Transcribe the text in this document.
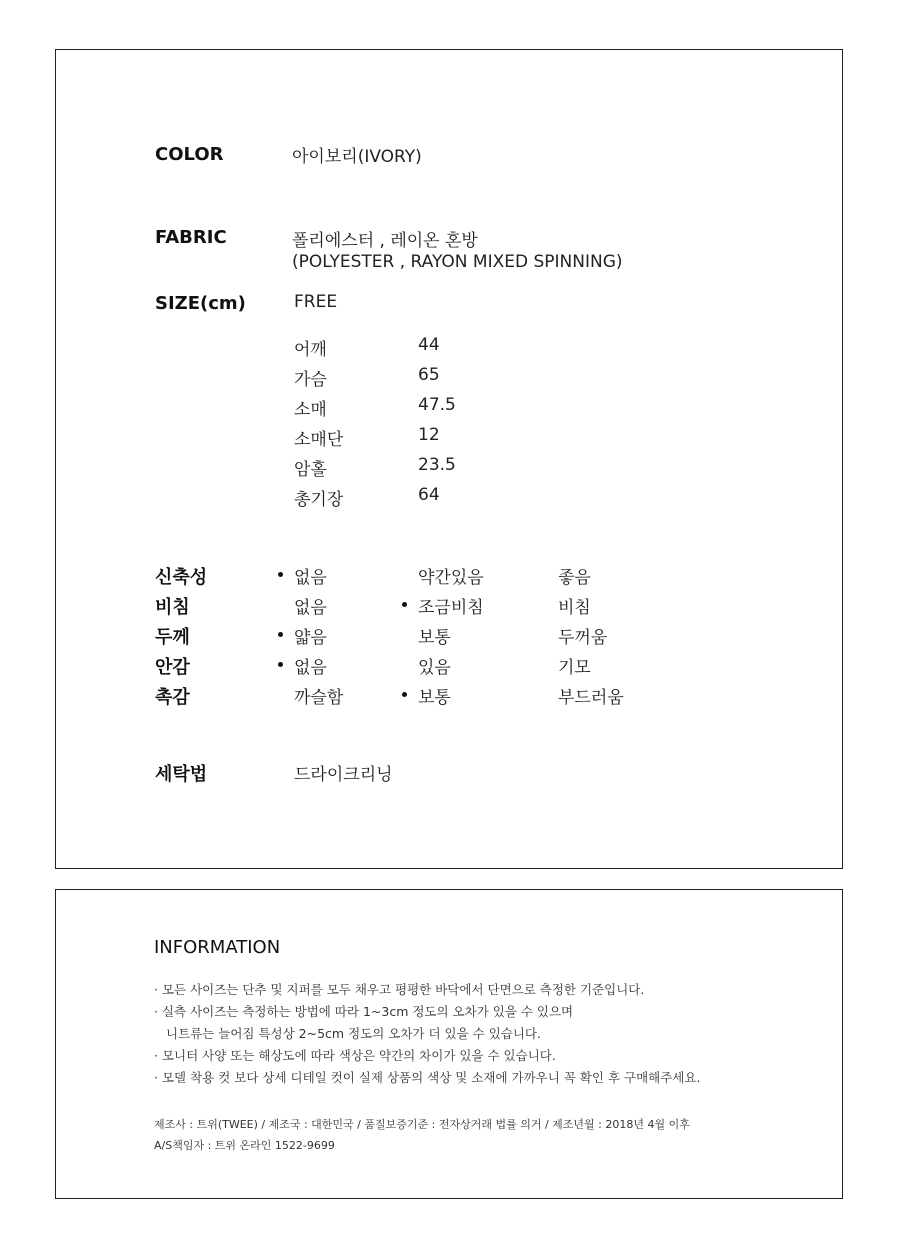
COLOR	아이보리(IVORY)
FABRIC	폴리에스터 , 레이온 혼방
(POLYESTER , RAYON MIXED SPINNING)
SIZE(cm)	FREE
어깨	44
가슴	65
소매	47.5
소매단	12
암홀	23.5
총기장	64
신축성	없음	약간있음	좋음
비침	없음	조금비침	비침
두께	얇음	보통	두꺼움
안감	없음	있음	기모
촉감	까슬함	보통	부드러움
세탁법	드라이크리닝
INFORMATION
· 모든 사이즈는 단추 및 지퍼를 모두 채우고 평평한 바닥에서 단면으로 측정한 기준입니다.
· 실측 사이즈는 측정하는 방법에 따라 1~3cm 정도의 오차가 있을 수 있으며
니트류는 늘어짐 특성상 2~5cm 정도의 오차가 더 있을 수 있습니다.
· 모니터 사양 또는 해상도에 따라 색상은 약간의 차이가 있을 수 있습니다.
· 모델 착용 컷 보다 상세 디테일 컷이 실제 상품의 색상 및 소재에 가까우니 꼭 확인 후 구매해주세요.
제조사 : 트위(TWEE) / 제조국 : 대한민국 / 품질보증기준 : 전자상거래 법률 의거 / 제조년월 : 2018년 4월 이후
A/S책임자 : 트위 온라인 1522-9699
